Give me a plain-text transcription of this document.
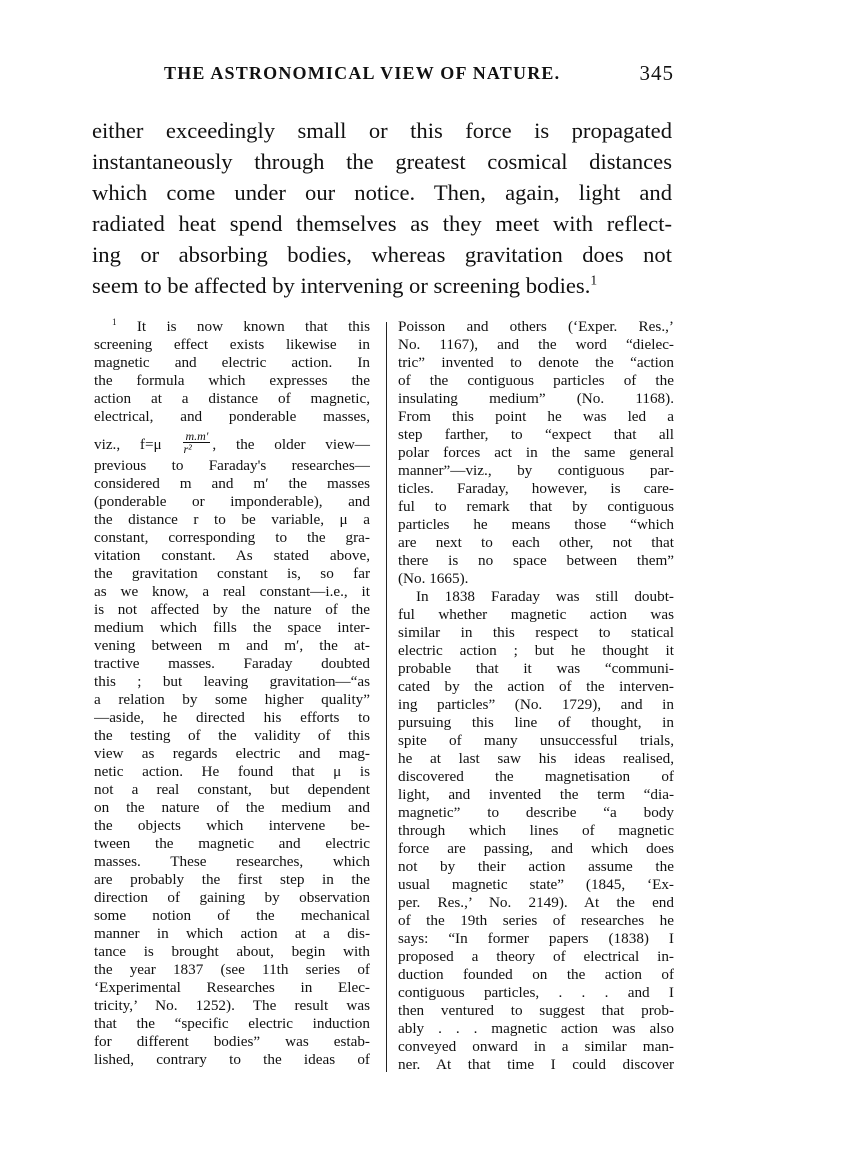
THE ASTRONOMICAL VIEW OF NATURE.	345
either exceedingly small or this force is propagated
instantaneously through the greatest cosmical distances
which come under our notice. Then, again, light and
radiated heat spend themselves as they meet with reflect-
ing or absorbing bodies, whereas gravitation does not
seem to be affected by intervening or screening bodies.$^1$
$^1$ It is now known that this
screening effect exists likewise in
magnetic and electric action. In
the formula which expresses the
action at a distance of magnetic,
electrical, and ponderable masses,
viz., $f=\mu \frac{m.m'}{\text{r²}}$ , the older view—
previous to Faraday's researches—
considered m and m′ the masses
(ponderable or imponderable), and
the distance r to be variable, μ a
constant, corresponding to the gra-
vitation constant. As stated above,
the gravitation constant is, so far
as we know, a real constant—i.e., it
is not affected by the nature of the
medium which fills the space inter-
vening between m and m′, the at-
tractive masses. Faraday doubted
this ; but leaving gravitation—“as
a relation by some higher quality”
—aside, he directed his efforts to
the testing of the validity of this
view as regards electric and mag-
netic action. He found that μ is
not a real constant, but dependent
on the nature of the medium and
the objects which intervene be-
tween the magnetic and electric
masses. These researches, which
are probably the first step in the
direction of gaining by observation
some notion of the mechanical
manner in which action at a dis-
tance is brought about, begin with
the year 1837 (see 11th series of
‘Experimental Researches in Elec-
tricity,’ No. 1252). The result was
that the “specific electric induction
for different bodies” was estab-
lished, contrary to the ideas of
Poisson and others (‘Exper. Res.,’
No. 1167), and the word “dielec-
tric” invented to denote the “action
of the contiguous particles of the
insulating medium” (No. 1168).
From this point he was led a
step farther, to “expect that all
polar forces act in the same general
manner”—viz., by contiguous par-
ticles. Faraday, however, is care-
ful to remark that by contiguous
particles he means those “which
are next to each other, not that
there is no space between them”
(No. 1665).
In 1838 Faraday was still doubt-
ful whether magnetic action was
similar in this respect to statical
electric action ; but he thought it
probable that it was “communi-
cated by the action of the interven-
ing particles” (No. 1729), and in
pursuing this line of thought, in
spite of many unsuccessful trials,
he at last saw his ideas realised,
discovered the magnetisation of
light, and invented the term “dia-
magnetic” to describe “a body
through which lines of magnetic
force are passing, and which does
not by their action assume the
usual magnetic state” (1845, ‘Ex-
per. Res.,’ No. 2149). At the end
of the 19th series of researches he
says: “In former papers (1838) I
proposed a theory of electrical in-
duction founded on the action of
contiguous particles, . . . and I
then ventured to suggest that prob-
ably . . . magnetic action was also
conveyed onward in a similar man-
ner. At that time I could discover
